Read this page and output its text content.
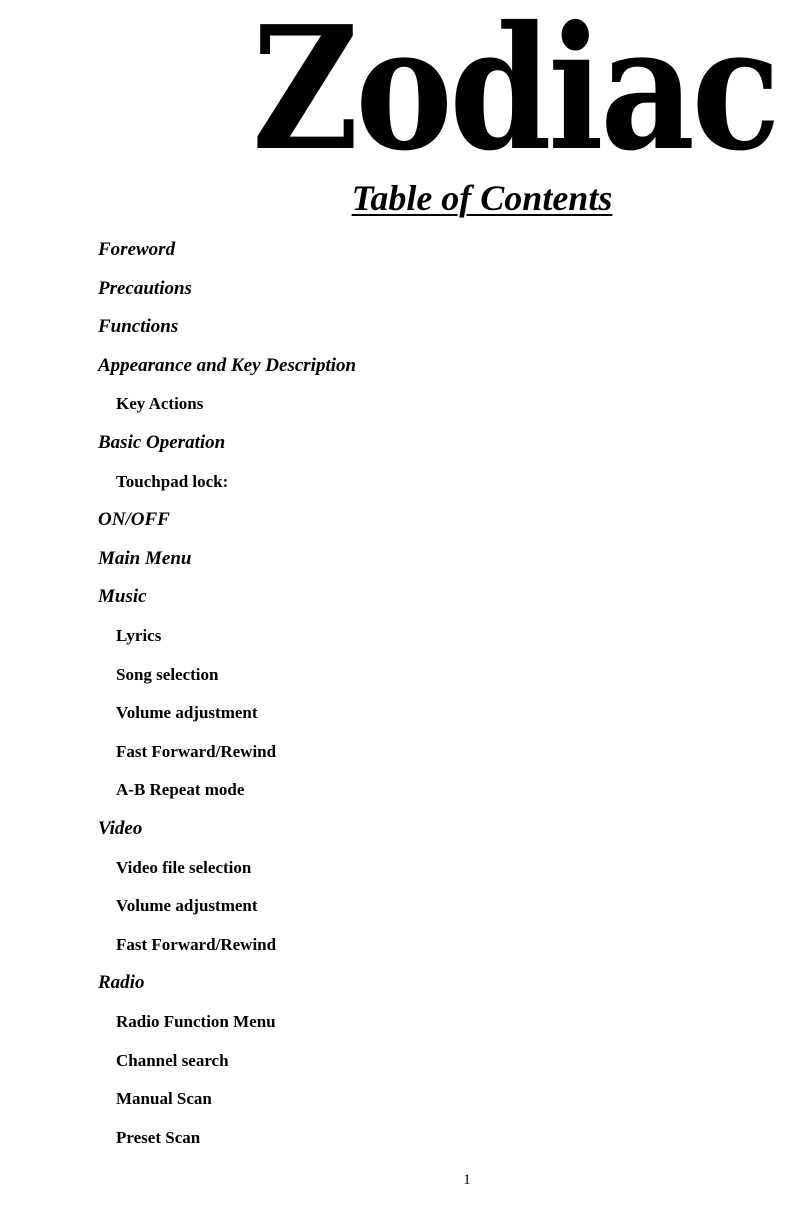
Zodiac
Table of Contents
Foreword
Precautions
Functions
Appearance and Key Description
Key Actions
Basic Operation
Touchpad lock:
ON/OFF
Main Menu
Music
Lyrics
Song selection
Volume adjustment
Fast Forward/Rewind
A-B Repeat mode
Video
Video file selection
Volume adjustment
Fast Forward/Rewind
Radio
Radio Function Menu
Channel search
Manual Scan
Preset Scan
1
